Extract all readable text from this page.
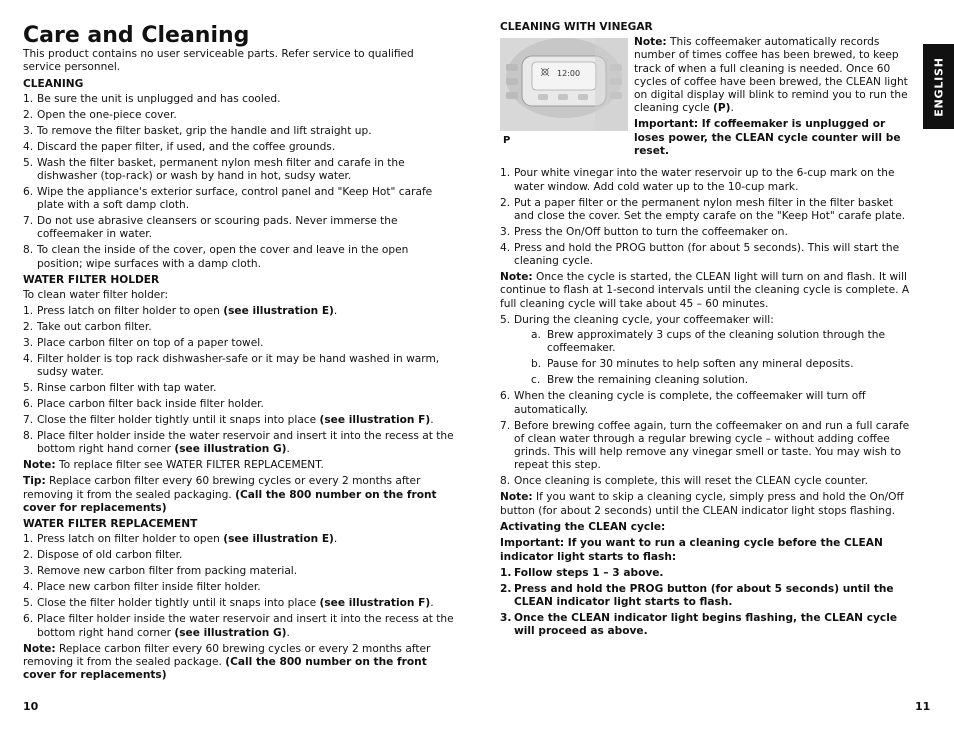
Care and Cleaning

This product contains no user serviceable parts. Refer service to qualified service personnel.

CLEANING
1. Be sure the unit is unplugged and has cooled.
2. Open the one-piece cover.
3. To remove the filter basket, grip the handle and lift straight up.
4. Discard the paper filter, if used, and the coffee grounds.
5. Wash the filter basket, permanent nylon mesh filter and carafe in the dishwasher (top-rack) or wash by hand in hot, sudsy water.
6. Wipe the appliance's exterior surface, control panel and "Keep Hot" carafe plate with a soft damp cloth.
7. Do not use abrasive cleansers or scouring pads. Never immerse the coffeemaker in water.
8. To clean the inside of the cover, open the cover and leave in the open position; wipe surfaces with a damp cloth.
WATER FILTER HOLDER

To clean water filter holder:

1. Press latch on filter holder to open (see illustration E).
2. Take out carbon filter.
3. Place carbon filter on top of a paper towel.
4. Filter holder is top rack dishwasher-safe or it may be hand washed in warm, sudsy water.
5. Rinse carbon filter with tap water.
6. Place carbon filter back inside filter holder.
7. Close the filter holder tightly until it snaps into place (see illustration F).
8. Place filter holder inside the water reservoir and insert it into the recess at the bottom right hand corner (see illustration G).

Note: To replace filter see WATER FILTER REPLACEMENT.

Tip: Replace carbon filter every 60 brewing cycles or every 2 months after removing it from the sealed packaging. (Call the 800 number on the front cover for replacements)

WATER FILTER REPLACEMENT
1. Press latch on filter holder to open (see illustration E).
2. Dispose of old carbon filter.
3. Remove new carbon filter from packing material.
4. Place new carbon filter inside filter holder.
5. Close the filter holder tightly until it snaps into place (see illustration F).
6. Place filter holder inside the water reservoir and insert it into the recess at the bottom right hand corner (see illustration G).

Note: Replace carbon filter every 60 brewing cycles or every 2 months after removing it from the sealed package. (Call the 800 number on the front cover for replacements)

10
CLEANING WITH VINEGAR
12:00
P

Note: This coffeemaker automatically records number of times coffee has been brewed, to keep track of when a full cleaning is needed. Once 60 cycles of coffee have been brewed, the CLEAN light on digital display will blink to remind you to run the cleaning cycle (P).

Important: If coffeemaker is unplugged or loses power, the CLEAN cycle counter will be reset.

1. Pour white vinegar into the water reservoir up to the 6-cup mark on the water window. Add cold water up to the 10-cup mark.
2. Put a paper filter or the permanent nylon mesh filter in the filter basket and close the cover. Set the empty carafe on the "Keep Hot" carafe plate.
3. Press the On/Off button to turn the coffeemaker on.
4. Press and hold the PROG button (for about 5 seconds). This will start the cleaning cycle.

Note: Once the cycle is started, the CLEAN light will turn on and flash. It will continue to flash at 1-second intervals until the cleaning cycle is complete. A full cleaning cycle will take about 45 – 60 minutes.

5. During the cleaning cycle, your coffeemaker will:
a. Brew approximately 3 cups of the cleaning solution through the coffeemaker.
b. Pause for 30 minutes to help soften any mineral deposits.
c. Brew the remaining cleaning solution.
6. When the cleaning cycle is complete, the coffeemaker will turn off automatically.
7. Before brewing coffee again, turn the coffeemaker on and run a full carafe of clean water through a regular brewing cycle – without adding coffee grinds. This will help remove any vinegar smell or taste. You may wish to repeat this step.
8. Once cleaning is complete, this will reset the CLEAN cycle counter.

Note: If you want to skip a cleaning cycle, simply press and hold the On/Off button (for about 2 seconds) until the CLEAN indicator light stops flashing.

Activating the CLEAN cycle:

Important: If you want to run a cleaning cycle before the CLEAN indicator light starts to flash:

1. Follow steps 1 – 3 above.
2. Press and hold the PROG button (for about 5 seconds) until the CLEAN indicator light starts to flash.
3. Once the CLEAN indicator light begins flashing, the CLEAN cycle will proceed as above.
ENGLISH
11
